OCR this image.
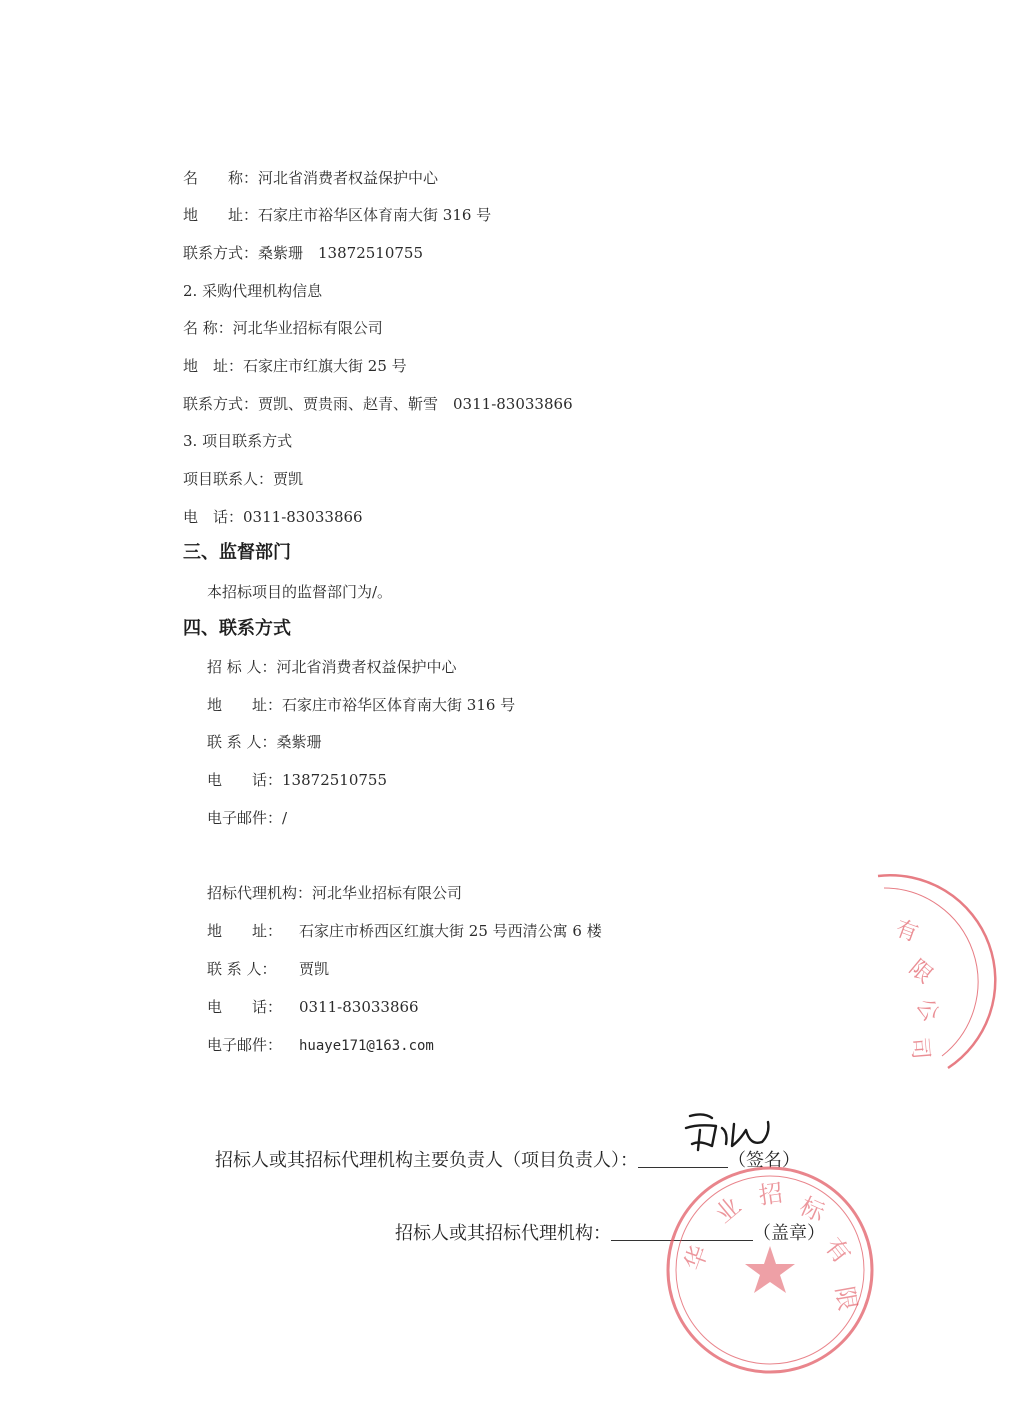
名　　称：河北省消费者权益保护中心
地　　址：石家庄市裕华区体育南大街 316 号
联系方式：桑紫珊　13872510755
2. 采购代理机构信息
名 称：河北华业招标有限公司
地　址：石家庄市红旗大街 25 号
联系方式：贾凯、贾贵雨、赵青、靳雪　0311-83033866
3. 项目联系方式
项目联系人：贾凯
电　话：0311-83033866
三、监督部门
本招标项目的监督部门为/。
四、联系方式
招 标 人：河北省消费者权益保护中心
地　　址：石家庄市裕华区体育南大街 316 号
联 系 人：桑紫珊
电　　话：13872510755
电子邮件：/
招标代理机构：河北华业招标有限公司
地　　址： 石家庄市桥西区红旗大街 25 号西清公寓 6 楼
联 系 人： 贾凯
电　　话： 0311-83033866
电子邮件： huaye171@163.com
有
限
公
司
招标人或其招标代理机构主要负责人（项目负责人）：	（签名）
招标人或其招标代理机构：	（盖章）
华
业 招 标
有
限
